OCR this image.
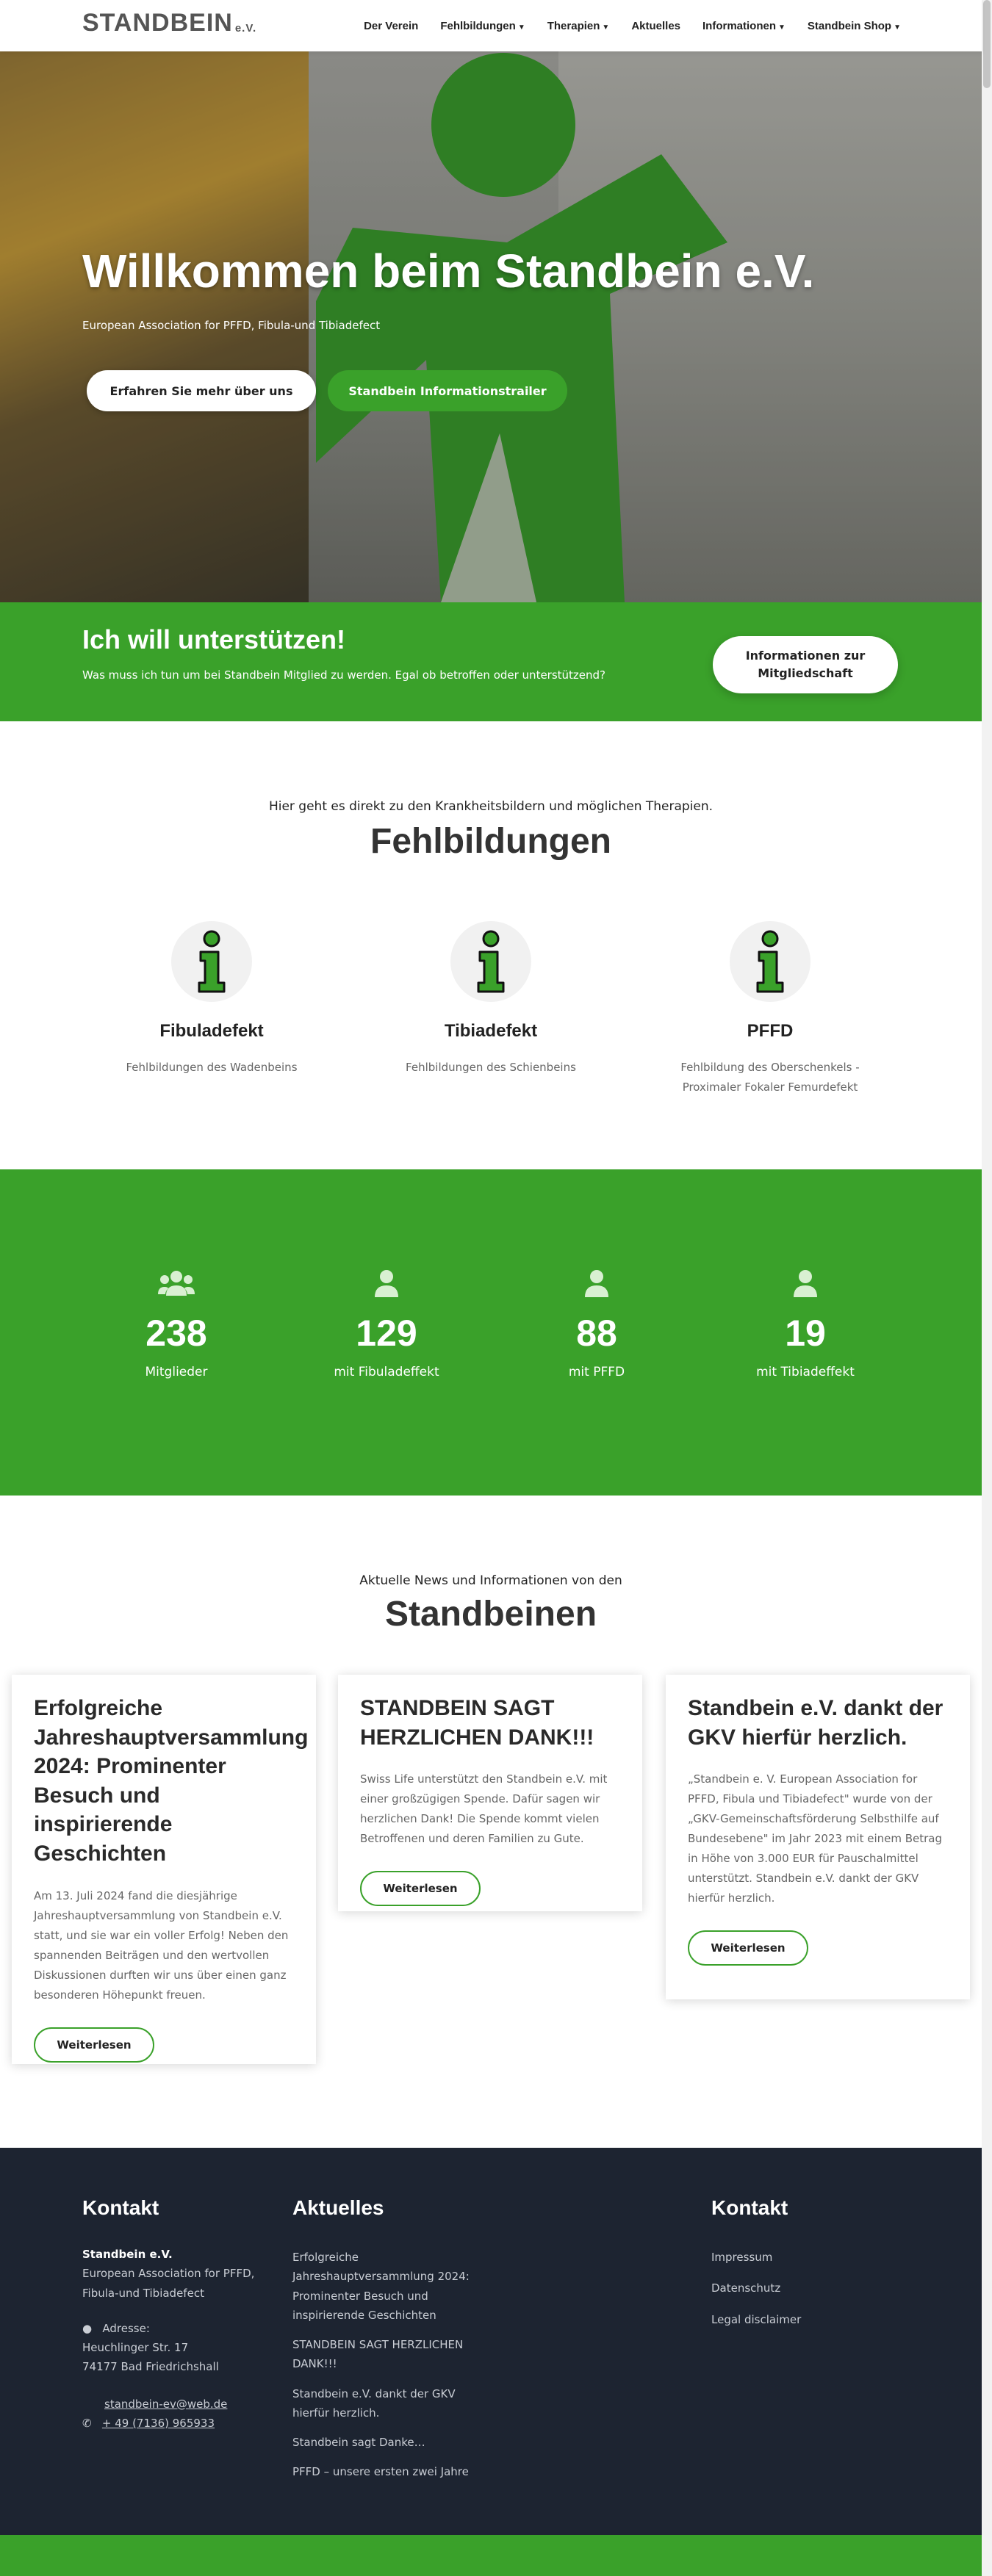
STANDBEIN e.V.	Der Verein Fehlbildungen ▼ Therapien ▼ Aktuelles Informationen ▼ Standbein Shop ▼
Willkommen beim Standbein e.V.
European Association for PFFD, Fibula-und Tibiadefect
Erfahren Sie mehr über uns	Standbein Informationstrailer
Ich will unterstützen!

Was muss ich tun um bei Standbein Mitglied zu werden. Egal ob betroffen oder unterstützend?

Informationen zur Mitgliedschaft
Hier geht es direkt zu den Krankheitsbildern und möglichen Therapien.
Fehlbildungen
Fibuladefekt

Fehlbildungen des Wadenbeins

Tibiadefekt

Fehlbildungen des Schienbeins

PFFD

Fehlbildung des Oberschenkels - Proximaler Fokaler Femurdefekt

238
Mitglieder
129
mit Fibuladeffekt
88
mit PFFD
19
mit Tibiadeffekt
Aktuelle News und Informationen von den
Standbeinen
Erfolgreiche Jahreshauptversammlung 2024: Prominenter Besuch und inspirierende Geschichten

Am 13. Juli 2024 fand die diesjährige Jahreshauptversammlung von Standbein e.V. statt, und sie war ein voller Erfolg! Neben den spannenden Beiträgen und den wertvollen Diskussionen durften wir uns über einen ganz besonderen Höhepunkt freuen.

Weiterlesen
STANDBEIN SAGT HERZLICHEN DANK!!!

Swiss Life unterstützt den Standbein e.V. mit einer großzügigen Spende. Dafür sagen wir herzlichen Dank! Die Spende kommt vielen Betroffenen und deren Familien zu Gute.

Weiterlesen
Standbein e.V. dankt der GKV hierfür herzlich.

„Standbein e. V. European Association for PFFD, Fibula und Tibiadefect" wurde von der „GKV-Gemeinschaftsförderung Selbsthilfe auf Bundesebene" im Jahr 2023 mit einem Betrag in Höhe von 3.000 EUR für Pauschalmittel unterstützt. Standbein e.V. dankt der GKV hierfür herzlich.

Weiterlesen
Kontakt
Standbein e.V.
European Association for PFFD, Fibula-und Tibiadefect
● Adresse:
Heuchlinger Str. 17
74177 Bad Friedrichshall
standbein-ev@web.de
✆ + 49 (7136) 965933
Aktuelles
Erfolgreiche Jahreshauptversammlung 2024: Prominenter Besuch und inspirierende Geschichten
STANDBEIN SAGT HERZLICHEN DANK!!!
Standbein e.V. dankt der GKV hierfür herzlich.
Standbein sagt Danke…
PFFD – unsere ersten zwei Jahre
Kontakt
Impressum
Datenschutz
Legal disclaimer
